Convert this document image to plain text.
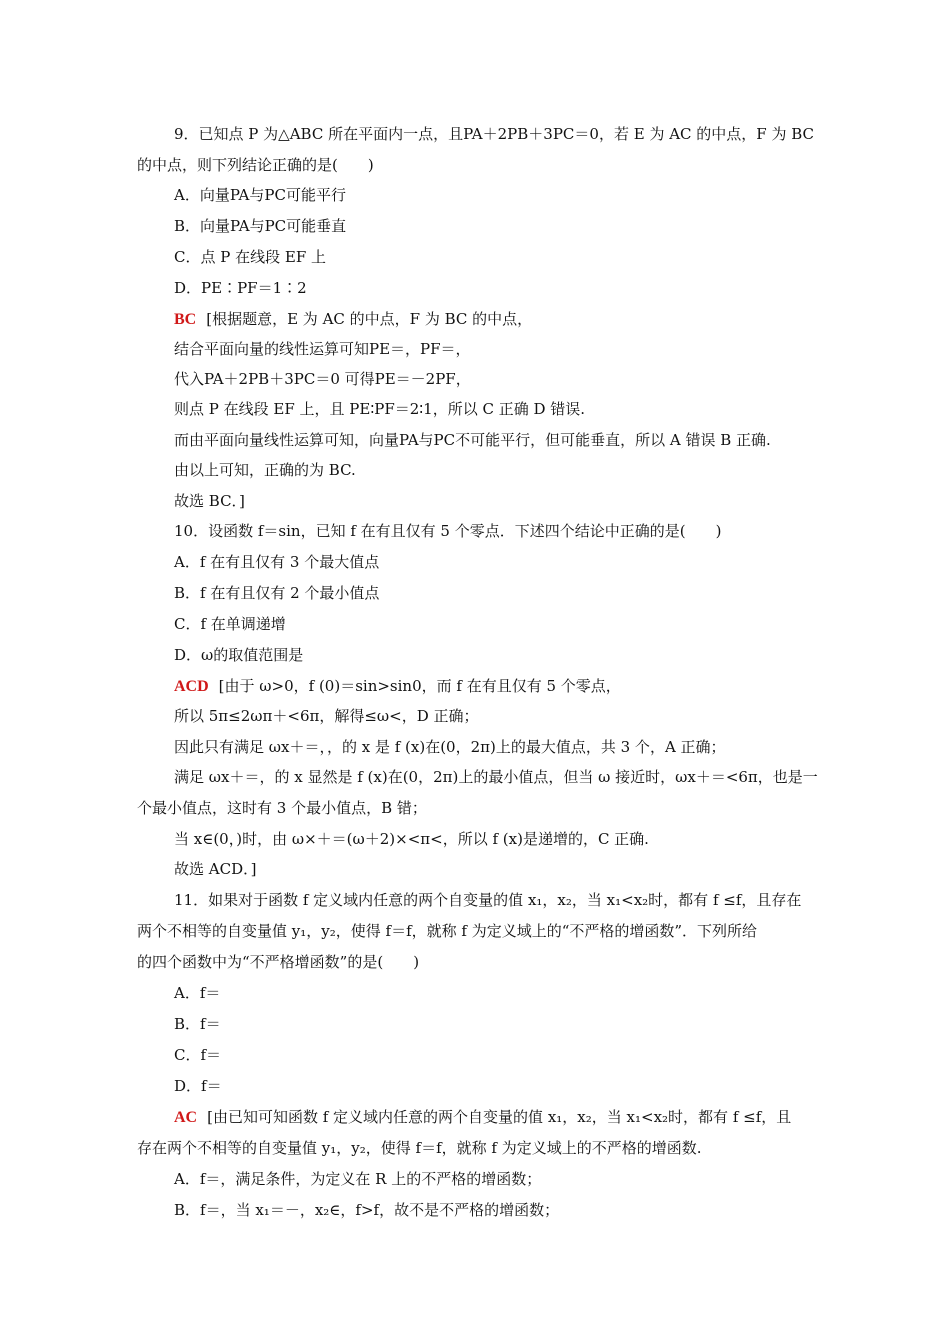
9．已知点 P 为△ABC 所在平面内一点，且PA＋2PB＋3PC＝0，若 E 为 AC 的中点，F 为 BC
的中点，则下列结论正确的是(　　)
A．向量PA与PC可能平行
B．向量PA与PC可能垂直
C．点 P 在线段 EF 上
D．PE∶PF＝1∶2
BC [根据题意，E 为 AC 的中点，F 为 BC 的中点，
结合平面向量的线性运算可知PE＝，PF＝，
代入PA＋2PB＋3PC＝0 可得PE＝－2PF，
则点 P 在线段 EF 上，且 PE∶PF＝2∶1，所以 C 正确 D 错误.
而由平面向量线性运算可知，向量PA与PC不可能平行，但可能垂直，所以 A 错误 B 正确.
由以上可知，正确的为 BC.
故选 BC．]
10．设函数 f＝sin，已知 f 在有且仅有 5 个零点．下述四个结论中正确的是(　　)
A．f 在有且仅有 3 个最大值点
B．f 在有且仅有 2 个最小值点
C．f 在单调递增
D．ω的取值范围是
ACD [由于 ω>0，f (0)＝sin>sin0，而 f 在有且仅有 5 个零点，
所以 5π≤2ωπ＋<6π，解得≤ω<，D 正确；
因此只有满足 ωx＋＝，，的 x 是 f (x)在(0，2π)上的最大值点，共 3 个，A 正确；
满足 ωx＋＝，的 x 显然是 f (x)在(0，2π)上的最小值点，但当 ω 接近时，ωx＋＝<6π，也是一
个最小值点，这时有 3 个最小值点，B 错；
当 x∈(0，)时，由 ω×＋＝(ω＋2)×<π<，所以 f (x)是递增的，C 正确.
故选 ACD．]
11．如果对于函数 f 定义域内任意的两个自变量的值 x₁，x₂，当 x₁<x₂时，都有 f ≤f，且存在
两个不相等的自变量值 y₁，y₂，使得 f＝f，就称 f 为定义域上的“不严格的增函数”．下列所给
的四个函数中为“不严格增函数”的是(　　)
A．f＝
B．f＝
C．f＝
D．f＝
AC [由已知可知函数 f 定义域内任意的两个自变量的值 x₁，x₂，当 x₁<x₂时，都有 f ≤f，且
存在两个不相等的自变量值 y₁，y₂，使得 f＝f，就称 f 为定义域上的不严格的增函数.
A．f＝，满足条件，为定义在 R 上的不严格的增函数；
B．f＝，当 x₁＝－，x₂∈，f>f，故不是不严格的增函数；
